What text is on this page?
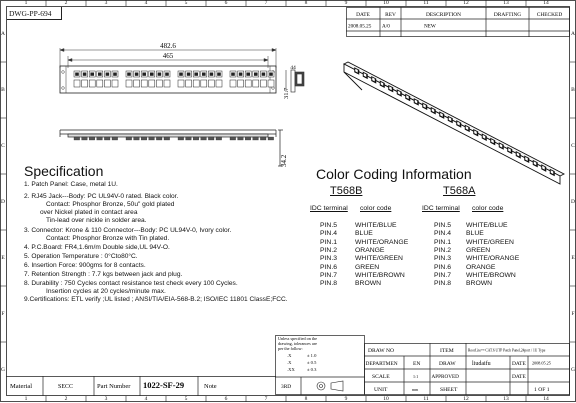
1	2	3	4	5	6	7	8	9	10	11	12	13	14
1	2	3	4	5	6	7	8	9	10	11	12	13	14
A
B
C
D
E
F
G
A
B
C
D
E
F
G
DWG-PP-694	DATE	REV	DESCRIPTION	DRAFTING	CHECKED
2008.05.25 A/0	NEW
482.6
465
44
31.7
34.2
Specification
1. Patch Panel: Case, metal 1U.
2. RJ45 Jack---Body: PC UL94V-0 rated. Black color.
Contact: Phosphor Bronze, 50u" gold plated
over Nickel plated in contact area
Tin-lead over nickle in solder area.
3. Connector: Krone & 110 Connector---Body: PC UL94V-0, Ivory color.
Contact: Phosphor Bronze with Tin plated.
4. P.C.Board: FR4,1.6m/m Double side,UL 94V-O.
5. Operation Temperature : 0°Cto80°C.
6. Insertion Force: 900gms for 8 contacts.
7. Retention Strength : 7.7 kgs between jack and plug.
8. Durability : 750 Cycles contact resistance test check every 100 Cycles.
Insertion cycles at 20 cycles/minute max.
9.Certifications: ETL verify ;UL listed ; ANSI/TIA/EIA-568-B.2; ISO/IEC 11801 ClassE;FCC.
Color Coding Information
T568B	T568A
IDC terminal color code	IDC terminal color code
PIN.5	WHITE/BLUE	PIN.5 WHITE/BLUE
PIN.4	BLUE	PIN.4 BLUE
PIN.1	WHITE/ORANGE	PIN.1 WHITE/GREEN
PIN.2	ORANGE	PIN.2 GREEN
PIN.3	WHITE/GREEN	PIN.3 WHITE/ORANGE
PIN.6	GREEN	PIN.6 ORANGE
PIN.7	WHITE/BROWN	PIN.7 WHITE/BROWN
PIN.8	BROWN	PIN.8 BROWN
Unless specified on the
drawing, tolerances are
per the follow:
.X
.X
.XX
± 1.0
± 0.5
± 0.3
3RD
DRAW NO	ITEM	RoorLite™ CAT.6 UTP Patch Panel,24port / 1U Type
DEPARTMEN	EN	DRAW	liudaifu	DATE 2008.05.25
SCALE	1:1	APPROVED	DATE
UNIT	mm	SHEET	1 OF 1
Material	SECC	Part Number 1022-SF-29	Note
